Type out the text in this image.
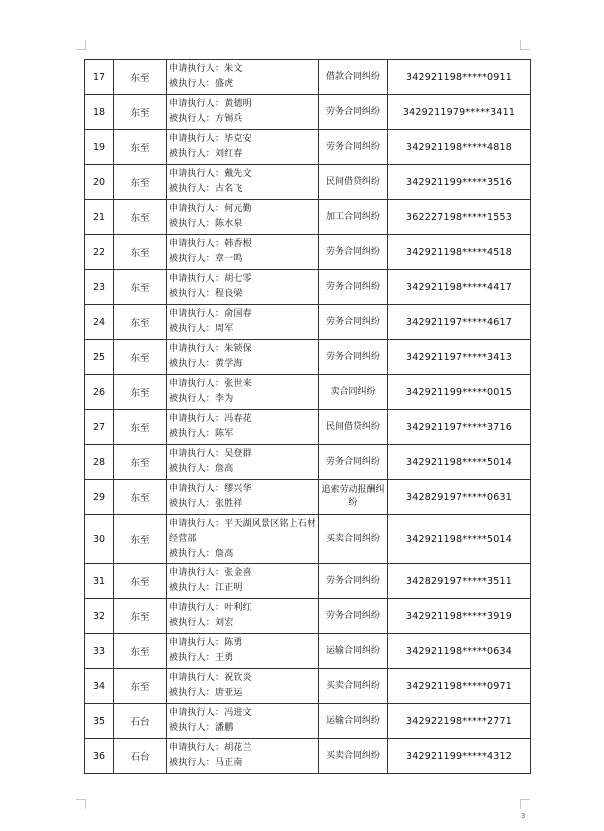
17	东至	申请执行人：朱文
被执行人：盛虎	借款合同纠纷	342921198*****0911
18	东至	申请执行人：黄德明
被执行人：方锡兵	劳务合同纠纷	3429211979*****3411
19	东至	申请执行人：毕克安
被执行人：刘红春	劳务合同纠纷	342921198*****4818
20	东至	申请执行人：戴先文
被执行人：古名飞	民间借贷纠纷	342921199*****3516
21	东至	申请执行人：何元勤
被执行人：陈水泉	加工合同纠纷	362227198*****1553
22	东至	申请执行人：韩香根
被执行人：章一鸣	劳务合同纠纷	342921198*****4518
23	东至	申请执行人：胡七零
被执行人：程良梁	劳务合同纠纷	342921198*****4417
24	东至	申请执行人：俞国春
被执行人：周军	劳务合同纠纷	342921197*****4617
25	东至	申请执行人：朱锁保
被执行人：黄学海	劳务合同纠纷	342921197*****3413
26	东至	申请执行人：张世来
被执行人：李为	卖合同纠纷	342921199*****0015
27	东至	申请执行人：冯春花
被执行人：陈军	民间借贷纠纷	342921197*****3716
28	东至	申请执行人：吴登群
被执行人：詹高	劳务合同纠纷	342921198*****5014
29	东至	申请执行人：缪兴华
被执行人：张胜祥	追索劳动报酬纠纷	342829197*****0631
30	东至	申请执行人：平天湖风景区铭上石材经营部
被执行人：詹高	买卖合同纠纷	342921198*****5014
31	东至	申请执行人：张金喜
被执行人：江正明	劳务合同纠纷	342829197*****3511
32	东至	申请执行人：叶利红
被执行人：刘宏	劳务合同纠纷	342921198*****3919
33	东至	申请执行人：陈勇
被执行人：王勇	运输合同纠纷	342921198*****0634
34	东至	申请执行人：祝钦炎
被执行人：唐亚运	买卖合同纠纷	342921198*****0971
35	石台	申请执行人：冯进文
被执行人：潘鹏	运输合同纠纷	342922198*****2771
36	石台	申请执行人：胡花兰
被执行人：马正南	买卖合同纠纷	342921199*****4312
3
